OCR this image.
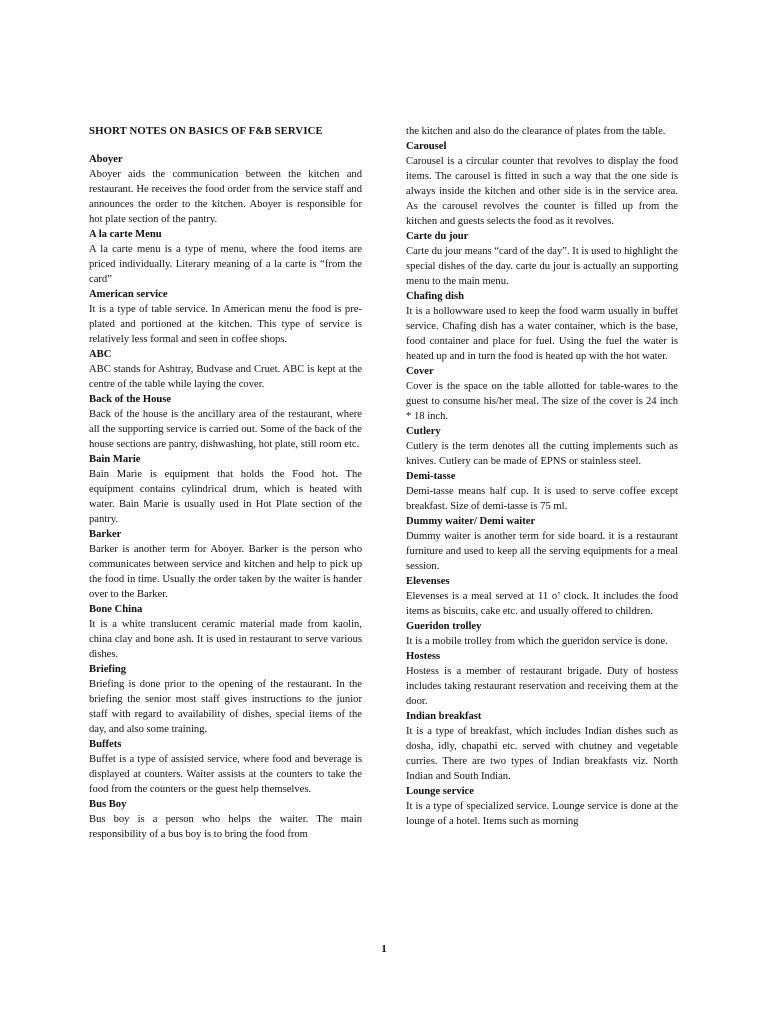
SHORT NOTES ON BASICS OF F&B SERVICE

Aboyer

Aboyer aids the communication between the kitchen and restaurant. He receives the food order from the service staff and announces the order to the kitchen. Aboyer is responsible for hot plate section of the pantry.

A la carte Menu

A la carte menu is a type of menu, where the food items are priced individually. Literary meaning of a la carte is “from the card”

American service

It is a type of table service. In American menu the food is pre-plated and portioned at the kitchen. This type of service is relatively less formal and seen in coffee shops.

ABC

ABC stands for Ashtray, Budvase and Cruet. ABC is kept at the centre of the table while laying the cover.

Back of the House

Back of the house is the ancillary area of the restaurant, where all the supporting service is carried out. Some of the back of the house sections are pantry, dishwashing, hot plate, still room etc.

Bain Marie

Bain Marie is equipment that holds the Food hot. The equipment contains cylindrical drum, which is heated with water. Bain Marie is usually used in Hot Plate section of the pantry.

Barker

Barker is another term for Aboyer. Barker is the person who communicates between service and kitchen and help to pick up the food in time. Usually the order taken by the waiter is hander over to the Barker.

Bone China

It is a white translucent ceramic material made from kaolin, china clay and bone ash. It is used in restaurant to serve various dishes.

Briefing

Briefing is done prior to the opening of the restaurant. In the briefing the senior most staff gives instructions to the junior staff with regard to availability of dishes, special items of the day, and also some training.

Buffets

Buffet is a type of assisted service, where food and beverage is displayed at counters. Waiter assists at the counters to take the food from the counters or the guest help themselves.

Bus Boy

Bus boy is a person who helps the waiter. The main responsibility of a bus boy is to bring the food from

the kitchen and also do the clearance of plates from the table.

Carousel

Carousel is a circular counter that revolves to display the food items. The carousel is fitted in such a way that the one side is always inside the kitchen and other side is in the service area. As the carousel revolves the counter is filled up from the kitchen and guests selects the food as it revolves.

Carte du jour

Carte du jour means “card of the day”. It is used to highlight the special dishes of the day. carte du jour is actually an supporting menu to the main menu.

Chafing dish

It is a hollowware used to keep the food warm usually in buffet service. Chafing dish has a water container, which is the base, food container and place for fuel. Using the fuel the water is heated up and in turn the food is heated up with the hot water.

Cover

Cover is the space on the table allotted for table-wares to the guest to consume his/her meal. The size of the cover is 24 inch * 18 inch.

Cutlery

Cutlery is the term denotes all the cutting implements such as knives. Cutlery can be made of EPNS or stainless steel.

Demi-tasse

Demi-tasse means half cup. It is used to serve coffee except breakfast. Size of demi-tasse is 75 ml.

Dummy waiter/ Demi waiter

Dummy waiter is another term for side board. it is a restaurant furniture and used to keep all the serving equipments for a meal session.

Elevenses

Elevenses is a meal served at 11 o’ clock. It includes the food items as biscuits, cake etc. and usually offered to children.

Gueridon trolley

It is a mobile trolley from which the gueridon service is done.

Hostess

Hostess is a member of restaurant brigade. Duty of hostess includes taking restaurant reservation and receiving them at the door.

Indian breakfast

It is a type of breakfast, which includes Indian dishes such as dosha, idly, chapathi etc. served with chutney and vegetable curries. There are two types of Indian breakfasts viz. North Indian and South Indian.

Lounge service

It is a type of specialized service. Lounge service is done at the lounge of a hotel. Items such as morning

1
